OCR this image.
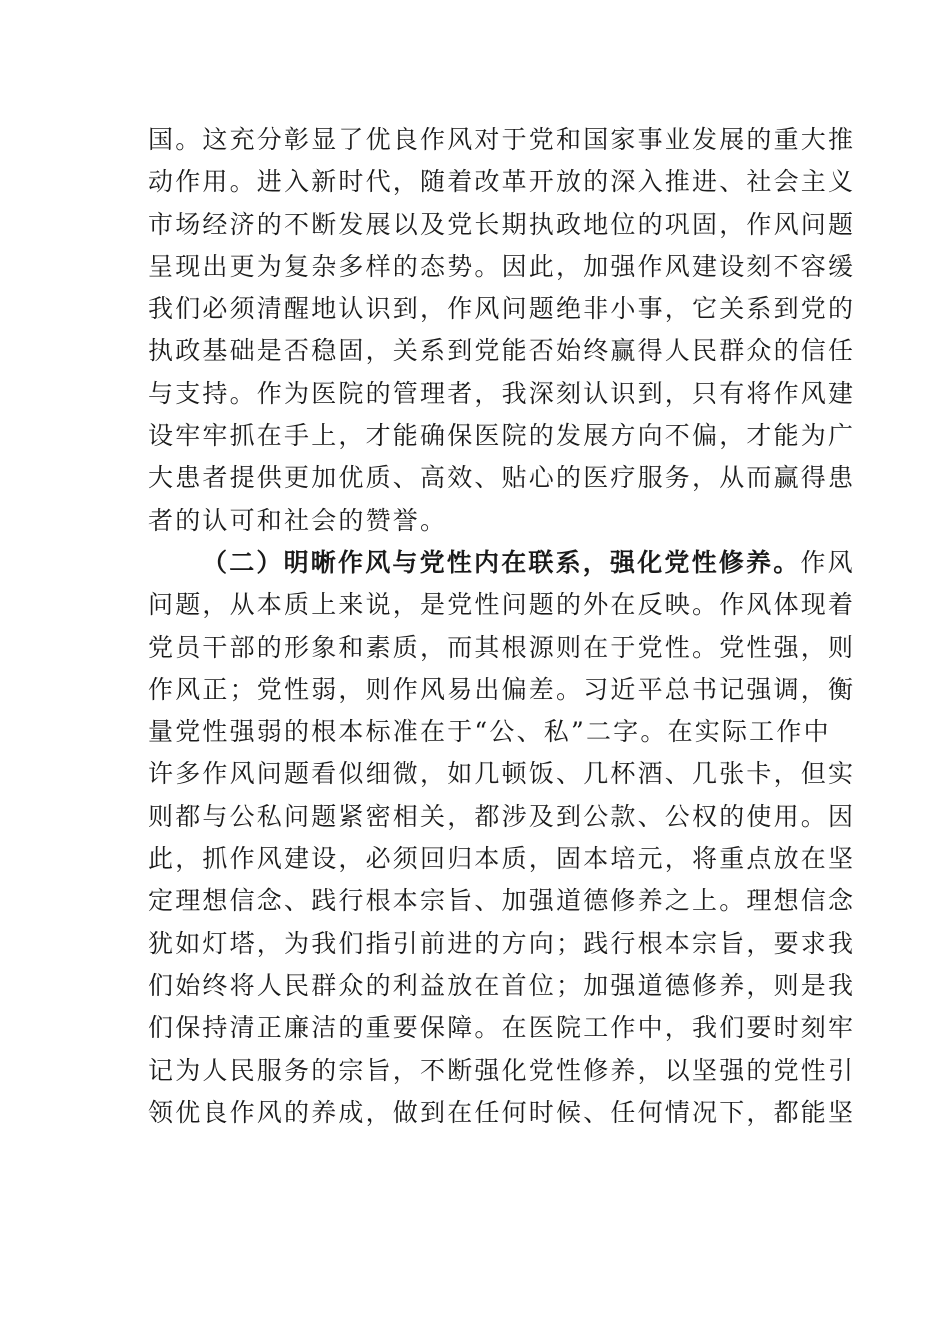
国。这充分彰显了优良作风对于党和国家事业发展的重大推
动作用。进入新时代，随着改革开放的深入推进、社会主义
市场经济的不断发展以及党长期执政地位的巩固，作风问题
呈现出更为复杂多样的态势。因此，加强作风建设刻不容缓
我们必须清醒地认识到，作风问题绝非小事，它关系到党的
执政基础是否稳固，关系到党能否始终赢得人民群众的信任
与支持。作为医院的管理者，我深刻认识到，只有将作风建
设牢牢抓在手上，才能确保医院的发展方向不偏，才能为广
大患者提供更加优质、高效、贴心的医疗服务，从而赢得患
者的认可和社会的赞誉。
（二）明晰作风与党性内在联系，强化党性修养。作风
问题，从本质上来说，是党性问题的外在反映。作风体现着
党员干部的形象和素质，而其根源则在于党性。党性强，则
作风正；党性弱，则作风易出偏差。习近平总书记强调，衡
量党性强弱的根本标准在于“公、私”二字。在实际工作中
许多作风问题看似细微，如几顿饭、几杯酒、几张卡，但实
则都与公私问题紧密相关，都涉及到公款、公权的使用。因
此，抓作风建设，必须回归本质，固本培元，将重点放在坚
定理想信念、践行根本宗旨、加强道德修养之上。理想信念
犹如灯塔，为我们指引前进的方向；践行根本宗旨，要求我
们始终将人民群众的利益放在首位；加强道德修养，则是我
们保持清正廉洁的重要保障。在医院工作中，我们要时刻牢
记为人民服务的宗旨，不断强化党性修养，以坚强的党性引
领优良作风的养成，做到在任何时候、任何情况下，都能坚
